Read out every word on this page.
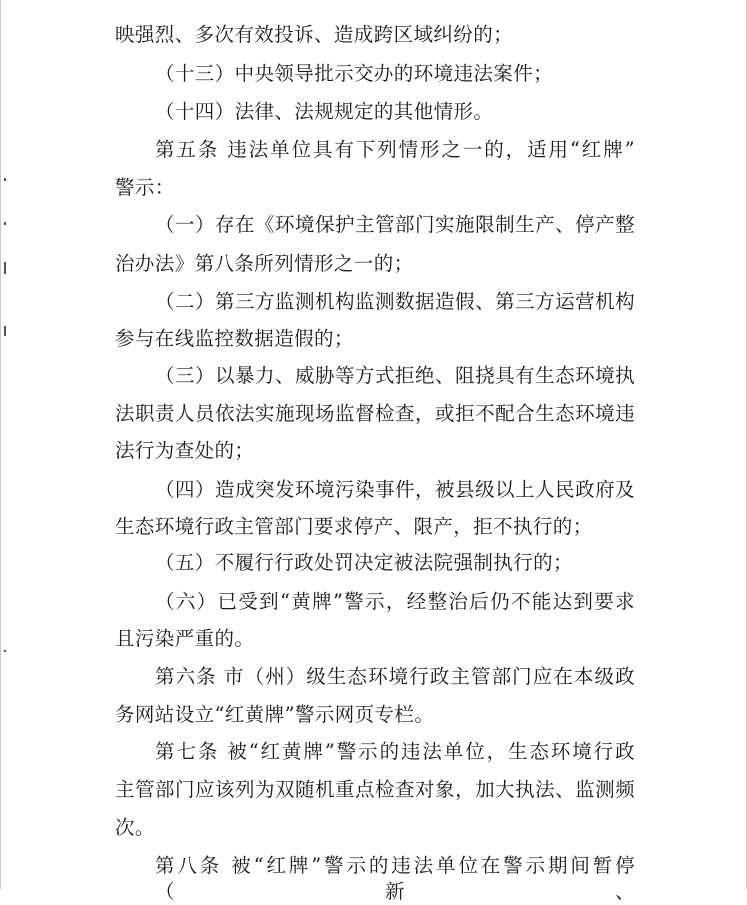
映强烈、多次有效投诉、造成跨区域纠纷的；
（十三）中央领导批示交办的环境违法案件；
（十四）法律、法规规定的其他情形。
第五条 违法单位具有下列情形之一的，适用“红牌”
警示：
（一）存在《环境保护主管部门实施限制生产、停产整
治办法》第八条所列情形之一的；
（二）第三方监测机构监测数据造假、第三方运营机构
参与在线监控数据造假的；
（三）以暴力、威胁等方式拒绝、阻挠具有生态环境执
法职责人员依法实施现场监督检查，或拒不配合生态环境违
法行为查处的；
（四）造成突发环境污染事件，被县级以上人民政府及
生态环境行政主管部门要求停产、限产，拒不执行的；
（五）不履行行政处罚决定被法院强制执行的；
（六）已受到“黄牌”警示，经整治后仍不能达到要求
且污染严重的。
第六条 市（州）级生态环境行政主管部门应在本级政
务网站设立“红黄牌”警示网页专栏。
第七条 被“红黄牌”警示的违法单位，生态环境行政
主管部门应该列为双随机重点检查对象，加大执法、监测频
次。
第八条 被“红牌”警示的违法单位在警示期间暂停（新、
